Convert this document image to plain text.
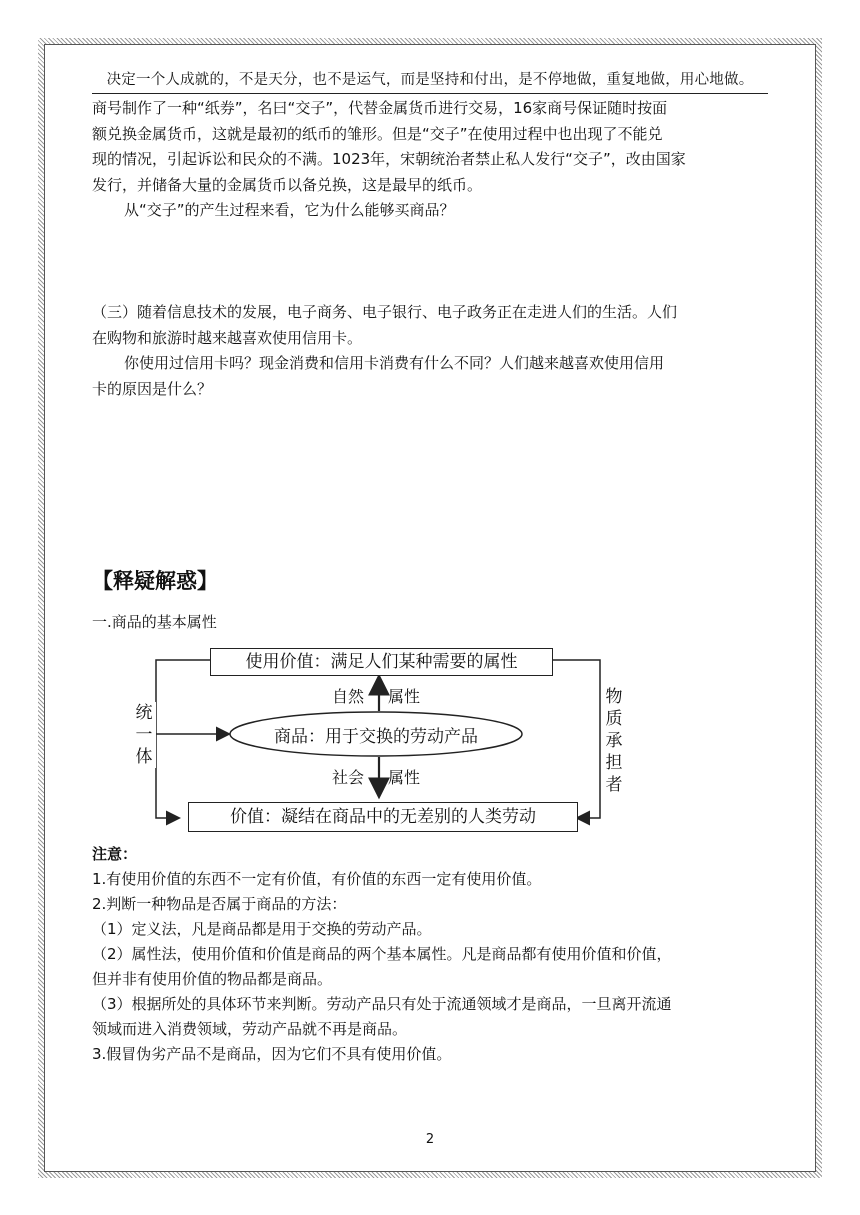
决定一个人成就的，不是天分，也不是运气，而是坚持和付出，是不停地做，重复地做，用心地做。

商号制作了一种“纸券”，名曰“交子”，代替金属货币进行交易，16家商号保证随时按面

额兑换金属货币，这就是最初的纸币的雏形。但是“交子”在使用过程中也出现了不能兑

现的情况，引起诉讼和民众的不满。1023年，宋朝统治者禁止私人发行“交子”，改由国家

发行，并储备大量的金属货币以备兑换，这是最早的纸币。

从“交子”的产生过程来看，它为什么能够买商品？

（三）随着信息技术的发展，电子商务、电子银行、电子政务正在走进人们的生活。人们

在购物和旅游时越来越喜欢使用信用卡。

你使用过信用卡吗？现金消费和信用卡消费有什么不同？人们越来越喜欢使用信用

卡的原因是什么？

【释疑解惑】
一.商品的基本属性
使用价值：满足人们某种需要的属性
商品：用于交换的劳动产品
价值：凝结在商品中的无差别的人类劳动
自然 属性
社会 属性
统
一
体
物
质
承
担
者

注意：

1.有使用价值的东西不一定有价值，有价值的东西一定有使用价值。

2.判断一种物品是否属于商品的方法：

（1）定义法，凡是商品都是用于交换的劳动产品。

（2）属性法，使用价值和价值是商品的两个基本属性。凡是商品都有使用价值和价值，

但并非有使用价值的物品都是商品。

（3）根据所处的具体环节来判断。劳动产品只有处于流通领域才是商品，一旦离开流通

领域而进入消费领域，劳动产品就不再是商品。

3.假冒伪劣产品不是商品，因为它们不具有使用价值。

2
